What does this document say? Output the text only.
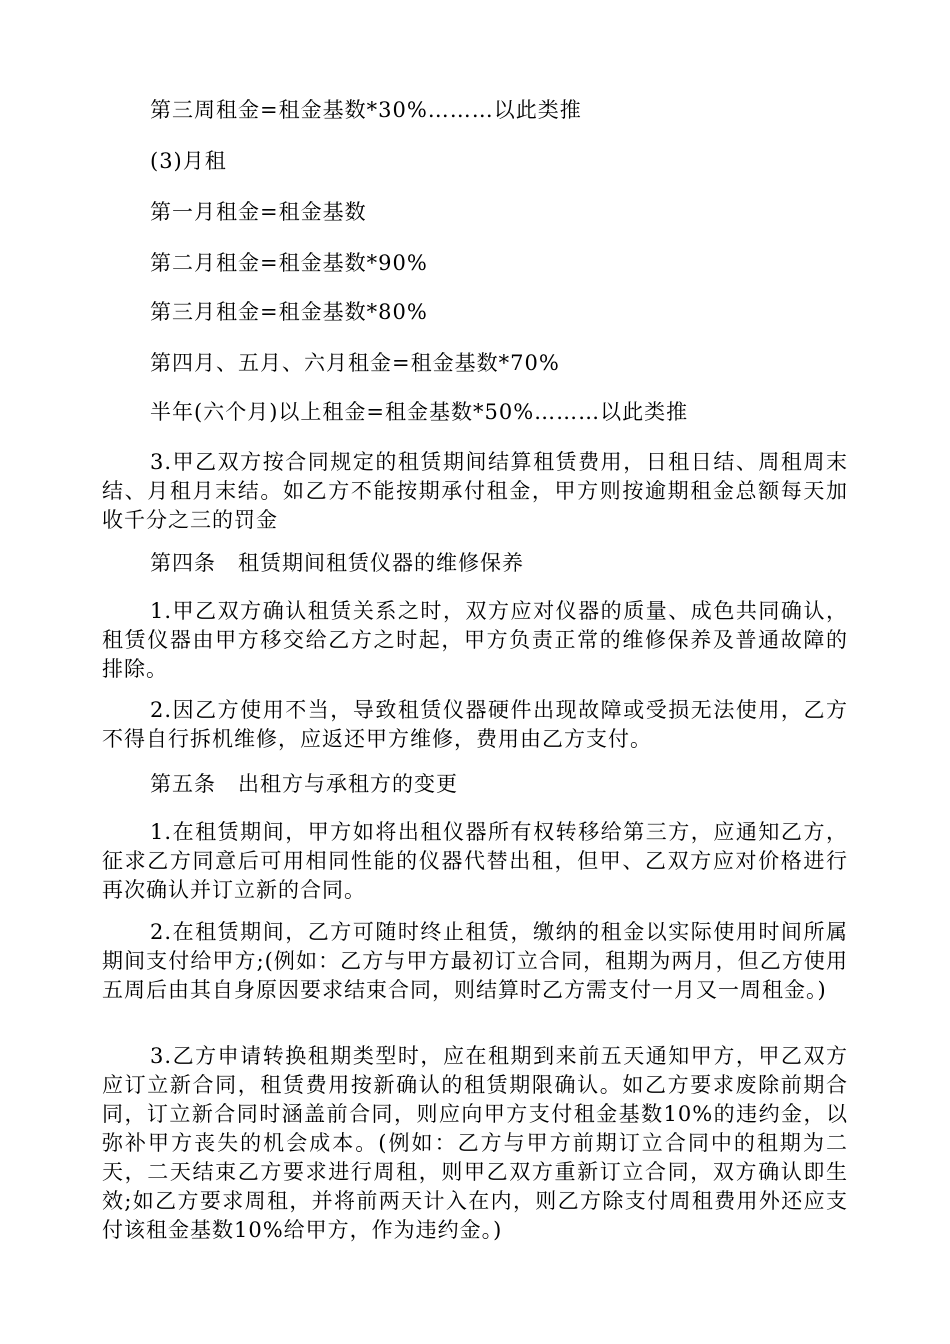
第三周租金=租金基数*30%………以此类推
(3)月租
第一月租金=租金基数
第二月租金=租金基数*90%
第三月租金=租金基数*80%
第四月、五月、六月租金=租金基数*70%
半年(六个月)以上租金=租金基数*50%………以此类推
3.甲乙双方按合同规定的租赁期间结算租赁费用，日租日结、周租周末结、月租月末结。如乙方不能按期承付租金，甲方则按逾期租金总额每天加收千分之三的罚金
第四条　租赁期间租赁仪器的维修保养
1.甲乙双方确认租赁关系之时，双方应对仪器的质量、成色共同确认，租赁仪器由甲方移交给乙方之时起，甲方负责正常的维修保养及普通故障的排除。
2.因乙方使用不当，导致租赁仪器硬件出现故障或受损无法使用，乙方不得自行拆机维修，应返还甲方维修，费用由乙方支付。
第五条　出租方与承租方的变更
1.在租赁期间，甲方如将出租仪器所有权转移给第三方，应通知乙方，征求乙方同意后可用相同性能的仪器代替出租，但甲、乙双方应对价格进行再次确认并订立新的合同。
2.在租赁期间，乙方可随时终止租赁，缴纳的租金以实际使用时间所属期间支付给甲方;(例如：乙方与甲方最初订立合同，租期为两月，但乙方使用五周后由其自身原因要求结束合同，则结算时乙方需支付一月又一周租金。)
3.乙方申请转换租期类型时，应在租期到来前五天通知甲方，甲乙双方应订立新合同，租赁费用按新确认的租赁期限确认。如乙方要求废除前期合同，订立新合同时涵盖前合同，则应向甲方支付租金基数10%的违约金，以弥补甲方丧失的机会成本。(例如：乙方与甲方前期订立合同中的租期为二天，二天结束乙方要求进行周租，则甲乙双方重新订立合同，双方确认即生效;如乙方要求周租，并将前两天计入在内，则乙方除支付周租费用外还应支付该租金基数10%给甲方，作为违约金。)
